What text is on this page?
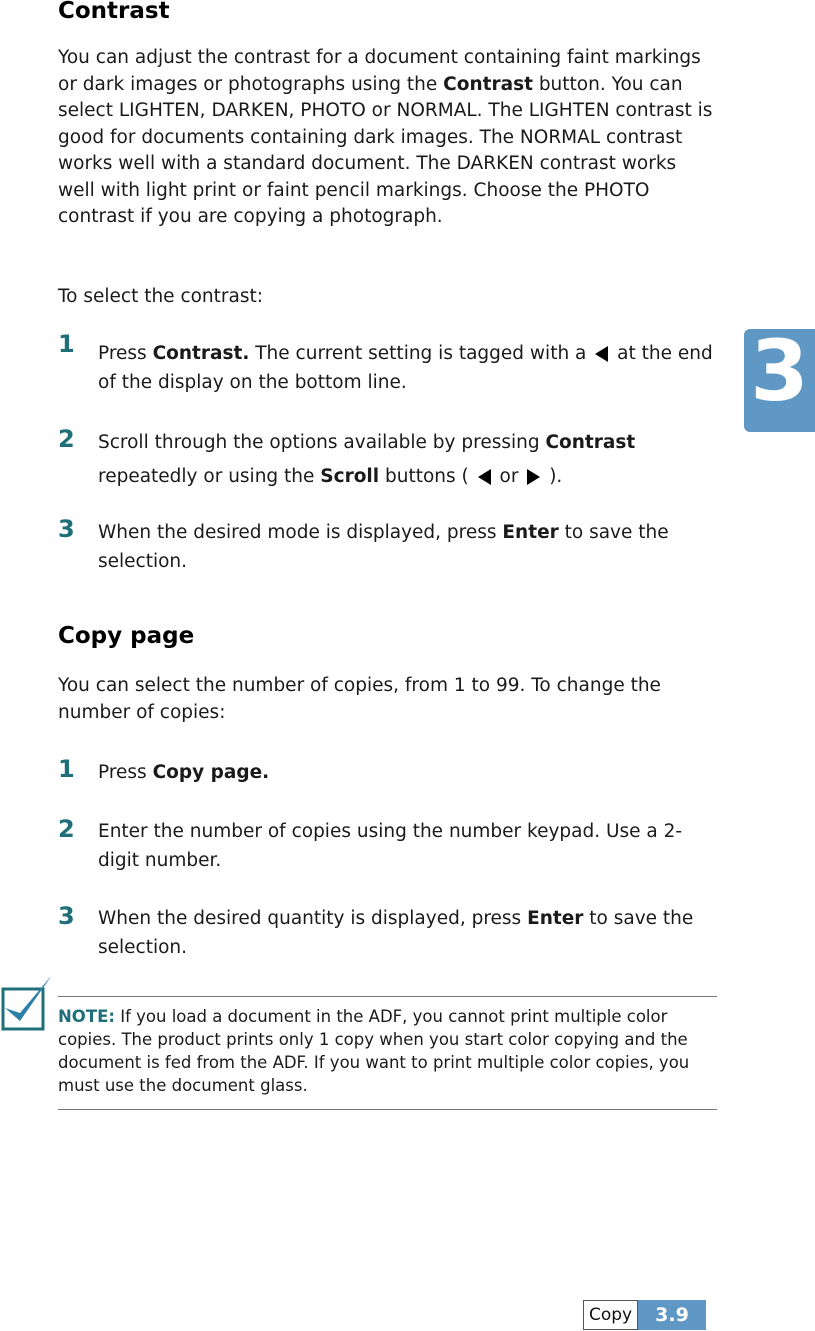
3
Contrast

You can adjust the contrast for a document containing faint markings or dark images or photographs using the Contrast button. You can select LIGHTEN, DARKEN, PHOTO or NORMAL. The LIGHTEN contrast is good for documents containing dark images. The NORMAL contrast works well with a standard document. The DARKEN contrast works well with light print or faint pencil markings. Choose the PHOTO contrast if you are copying a photograph.

To select the contrast:

1 Press Contrast. The current setting is tagged with a  at the end of the display on the bottom line.

2 Scroll through the options available by pressing Contrast repeatedly or using the Scroll buttons (  or  ).

3 When the desired mode is displayed, press Enter to save the selection.

Copy page

You can select the number of copies, from 1 to 99. To change the number of copies:

1 Press Copy page.

2 Enter the number of copies using the number keypad. Use a 2-digit number.

3 When the desired quantity is displayed, press Enter to save the selection.

NOTE: If you load a document in the ADF, you cannot print multiple color copies. The product prints only 1 copy when you start color copying and the document is fed from the ADF. If you want to print multiple color copies, you must use the document glass.

Copy	3.9
